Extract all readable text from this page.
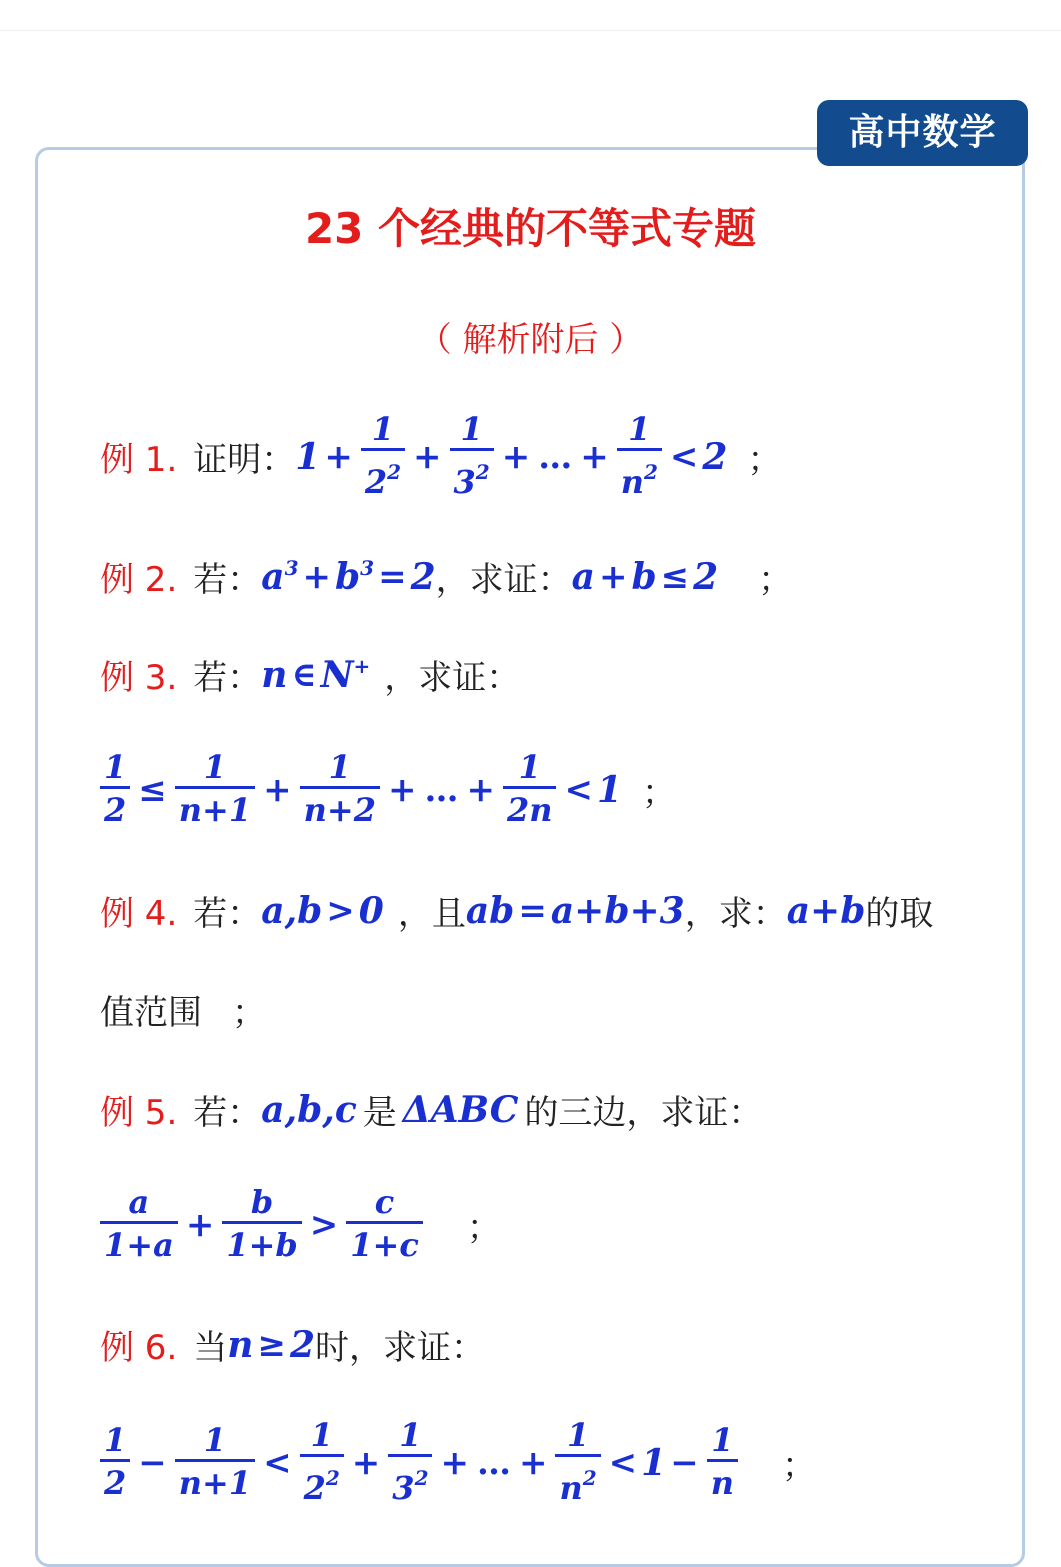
高中数学
23 个经典的不等式专题
（ 解析附后 ）
例 1. 证明： $1 + \frac{1}{2^2} + \frac{1}{3^2}$ + … + $\frac{1}{n^2} < 2$ ；
例 2. 若： $a^3 + b^3 = 2$ ，求证： a + b ≤ 2 ；
例 3. 若： n ∈ N+ ，求证：
$\frac{1}{2} \le \frac{1}{n+1} + \frac{1}{n+2}$ + … + $\frac{1}{2n} < 1$ ；
例 4. 若： a,b > 0 ，且 ab = a+b+3 ，求： a+b 的取
值范围 ；
例 5. 若： a,b,c 是 ΔABC 的三边，求证：
$\frac{a}{1+a} + \frac{b}{1+b} > \frac{c}{1+c}$ ；
例 6. 当 n ≥ 2 时，求证：
$\frac{1}{2} - \frac{1}{n+1} < \frac{1}{2^2} + \frac{1}{3^2}$ + … + $\frac{1}{n^2} < 1 - \frac{1}{n}$ ；
